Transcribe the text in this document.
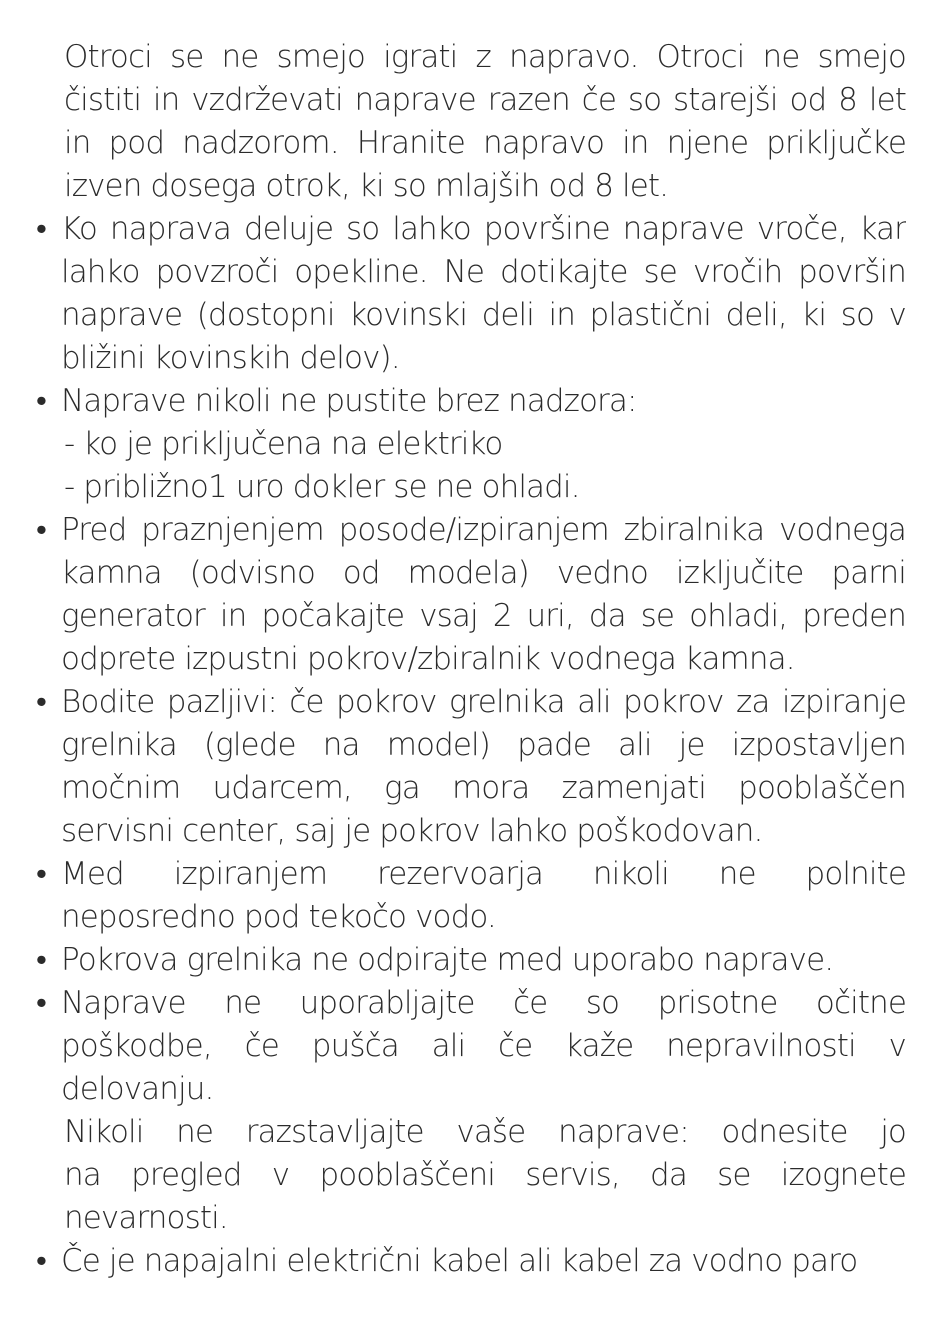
Otroci se ne smejo igrati z napravo. Otroci ne smejo
čistiti in vzdrževati naprave razen če so starejši od 8 let
in pod nadzorom. Hranite napravo in njene priključke
izven dosega otrok, ki so mlajših od 8 let.
• Ko naprava deluje so lahko površine naprave vroče, kar
lahko povzroči opekline. Ne dotikajte se vročih površin
naprave (dostopni kovinski deli in plastični deli, ki so v
bližini kovinskih delov).
• Naprave nikoli ne pustite brez nadzora:
- ko je priključena na elektriko
- približno1 uro dokler se ne ohladi.
• Pred praznjenjem posode/izpiranjem zbiralnika vodnega
kamna (odvisno od modela) vedno izključite parni
generator in počakajte vsaj 2 uri, da se ohladi, preden
odprete izpustni pokrov/zbiralnik vodnega kamna.
• Bodite pazljivi: če pokrov grelnika ali pokrov za izpiranje
grelnika (glede na model) pade ali je izpostavljen
močnim udarcem, ga mora zamenjati pooblaščen
servisni center, saj je pokrov lahko poškodovan.
• Med izpiranjem rezervoarja nikoli ne polnite
neposredno pod tekočo vodo.
• Pokrova grelnika ne odpirajte med uporabo naprave.
• Naprave ne uporabljajte če so prisotne očitne
poškodbe, če pušča ali če kaže nepravilnosti v
delovanju.
Nikoli ne razstavljajte vaše naprave: odnesite jo
na pregled v pooblaščeni servis, da se izognete
nevarnosti.
• Če je napajalni električni kabel ali kabel za vodno paro
